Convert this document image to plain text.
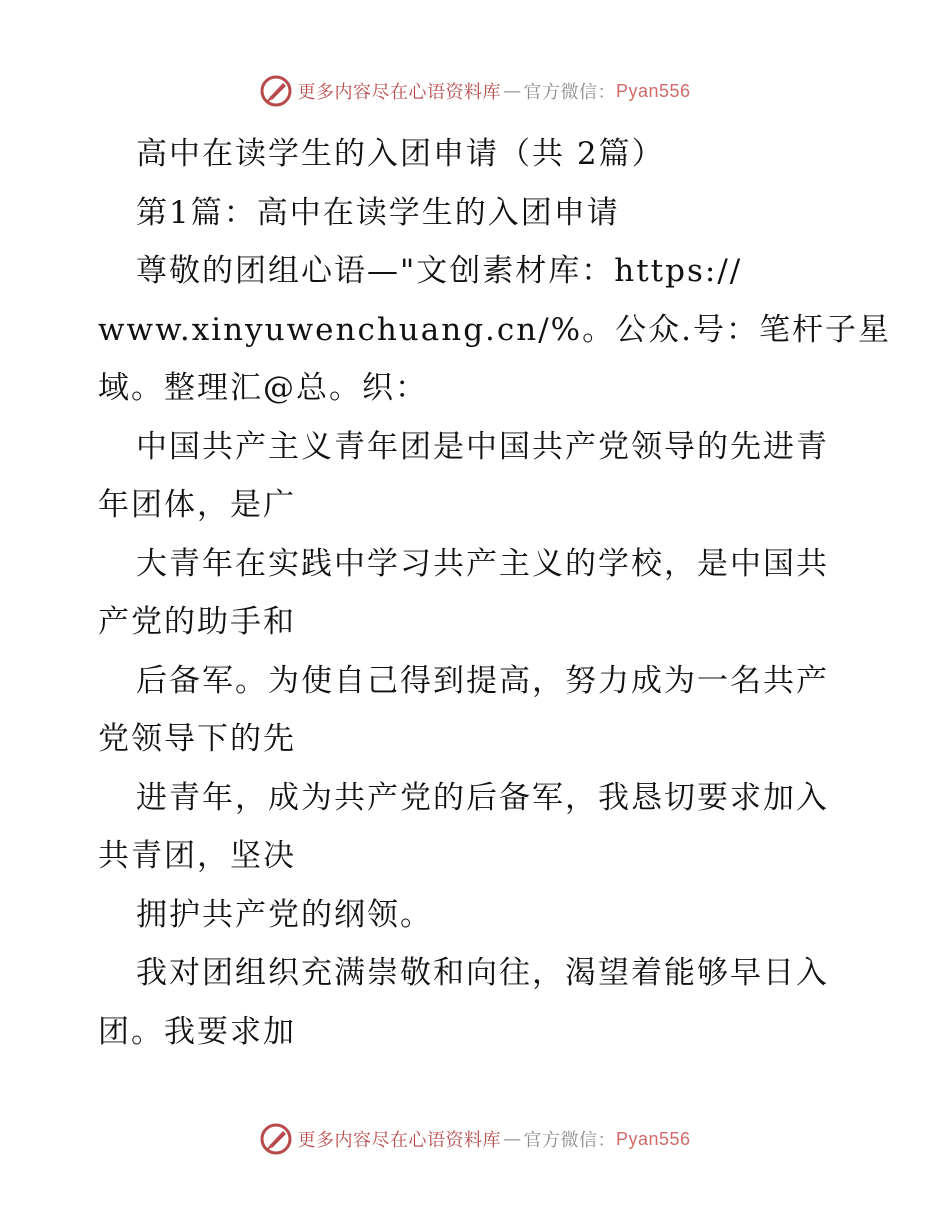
更多内容尽在心语资料库 — 官方微信： Pyan556
高中在读学生的入团申请（共 2篇）
第1篇：高中在读学生的入团申请
尊敬的团组心语—"文创素材库：https://
www.xinyuwenchuang.cn/%。公众.号：笔杆子星
域。整理汇@总。织：
中国共产主义青年团是中国共产党领导的先进青
年团体，是广
大青年在实践中学习共产主义的学校，是中国共
产党的助手和
后备军。为使自己得到提高，努力成为一名共产
党领导下的先
进青年，成为共产党的后备军，我恳切要求加入
共青团，坚决
拥护共产党的纲领。
我对团组织充满崇敬和向往，渴望着能够早日入
团。我要求加
更多内容尽在心语资料库 — 官方微信： Pyan556
